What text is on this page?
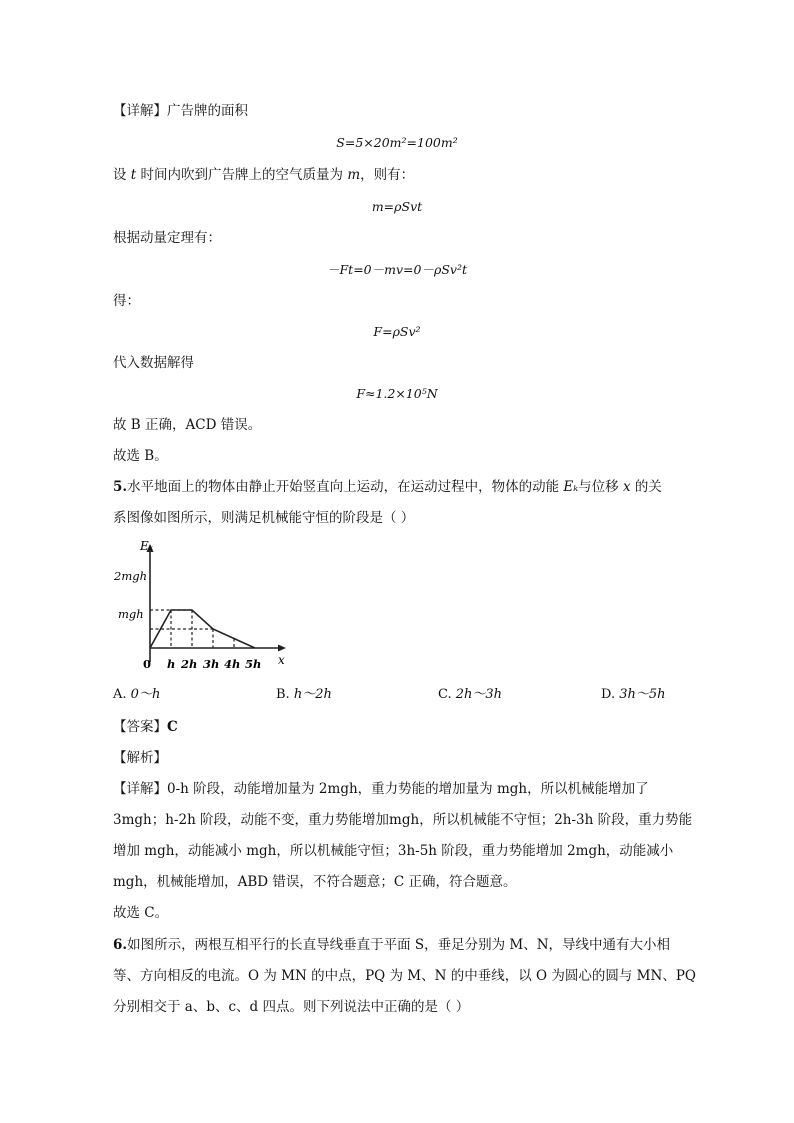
【详解】广告牌的面积
S=5×20m²=100m²
设 t 时间内吹到广告牌上的空气质量为 m，则有：
m=ρSvt
根据动量定理有：
－Ft=0－mv=0－ρSv²t
得：
F=ρSv²
代入数据解得
F≈1.2×10⁵N
故 B 正确，ACD 错误。
故选 B。
5.水平地面上的物体由静止开始竖直向上运动，在运动过程中，物体的动能 Eₖ与位移 x 的关
系图像如图所示，则满足机械能守恒的阶段是（ ）
Eₖ
2mgh
mgh
0 h 2h 3h 4h 5h x
A. 0～h	B. h～2h	C. 2h～3h	D. 3h～5h
【答案】C
【解析】
【详解】0-h 阶段，动能增加量为 2mgh，重力势能的增加量为 mgh，所以机械能增加了
3mgh；h-2h 阶段，动能不变，重力势能增加mgh，所以机械能不守恒；2h-3h 阶段，重力势能
增加 mgh，动能减小 mgh，所以机械能守恒；3h-5h 阶段，重力势能增加 2mgh，动能减小
mgh，机械能增加，ABD 错误，不符合题意；C 正确，符合题意。
故选 C。
6.如图所示，两根互相平行的长直导线垂直于平面 S，垂足分别为 M、N，导线中通有大小相
等、方向相反的电流。O 为 MN 的中点，PQ 为 M、N 的中垂线，以 O 为圆心的圆与 MN、PQ
分别相交于 a、b、c、d 四点。则下列说法中正确的是（ ）
